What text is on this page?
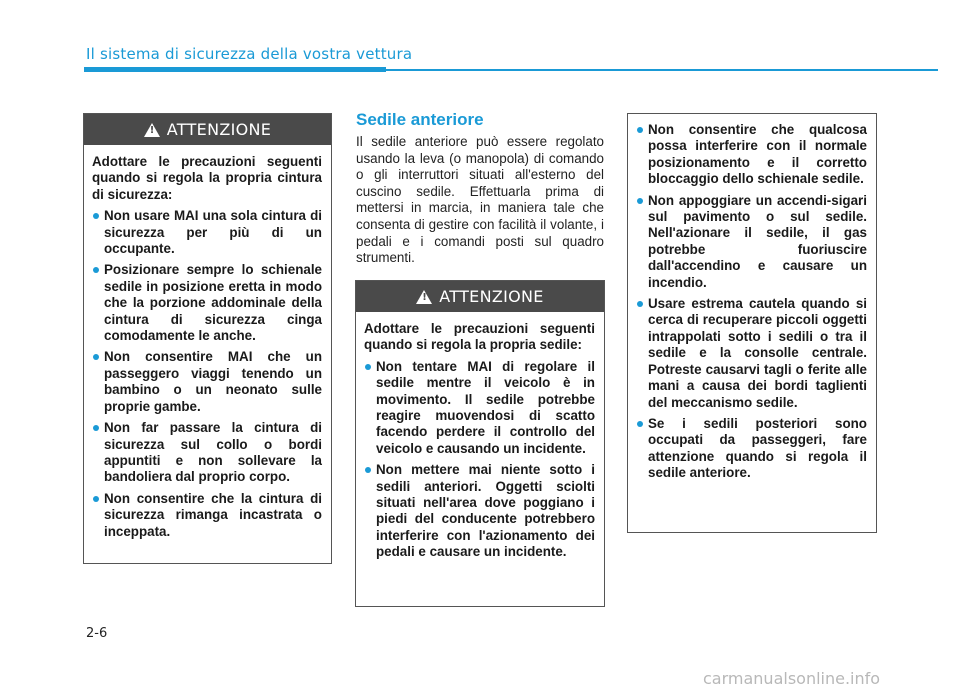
Il sistema di sicurezza della vostra vettura
!
ATTENZIONE

Adottare le precauzioni seguenti quando si regola la propria cintura di sicurezza:

Non usare MAI una sola cintura di sicurezza per più di un occupante.
Posizionare sempre lo schienale sedile in posizione eretta in modo che la porzione addominale della cintura di sicurezza cinga comodamente le anche.
Non consentire MAI che un passeggero viaggi tenendo un bambino o un neonato sulle proprie gambe.
Non far passare la cintura di sicurezza sul collo o bordi appuntiti e non sollevare la bandoliera dal proprio corpo.
Non consentire che la cintura di sicurezza rimanga incastrata o inceppata.
Sedile anteriore
Il sedile anteriore può essere regolato usando la leva (o manopola) di comando o gli interruttori situati all'esterno del cuscino sedile. Effettuarla prima di mettersi in marcia, in maniera tale che consenta di gestire con facilità il volante, i pedali e i comandi posti sul quadro strumenti.
!
ATTENZIONE

Adottare le precauzioni seguenti quando si regola la propria sedile:

Non tentare MAI di regolare il sedile mentre il veicolo è in movimento. Il sedile potrebbe reagire muovendosi di scatto facendo perdere il controllo del veicolo e causando un incidente.
Non mettere mai niente sotto i sedili anteriori. Oggetti sciolti situati nell'area dove poggiano i piedi del conducente potrebbero interferire con l'azionamento dei pedali e causare un incidente.
Non consentire che qualcosa possa interferire con il normale posizionamento e il corretto bloccaggio dello schienale sedile.
Non appoggiare un accendi-sigari sul pavimento o sul sedile. Nell'azionare il sedile, il gas potrebbe fuoriuscire dall'accendino e causare un incendio.
Usare estrema cautela quando si cerca di recuperare piccoli oggetti intrappolati sotto i sedili o tra il sedile e la consolle centrale. Potreste causarvi tagli o ferite alle mani a causa dei bordi taglienti del meccanismo sedile.
Se i sedili posteriori sono occupati da passeggeri, fare attenzione quando si regola il sedile anteriore.
2-6
carmanualsonline.info
